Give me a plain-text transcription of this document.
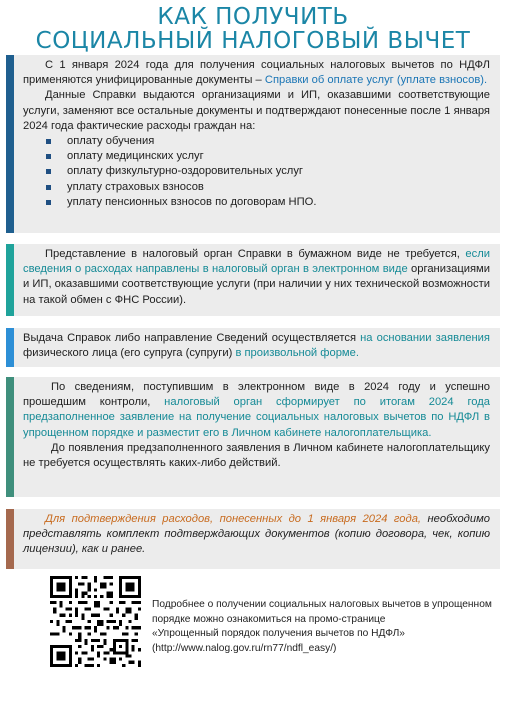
КАК ПОЛУЧИТЬ
СОЦИАЛЬНЫЙ НАЛОГОВЫЙ ВЫЧЕТ

С 1 января 2024 года для получения социальных налоговых вычетов по НДФЛ применяются унифицированные документы – Справки об оплате услуг (уплате взносов).

Данные Справки выдаются организациями и ИП, оказавшими соответствующие услуги, заменяют все остальные документы и подтверждают понесенные после 1 января 2024 года фактические расходы граждан на:

оплату обучения
оплату медицинских услуг
оплату физкультурно-оздоровительных услуг
уплату страховых взносов
уплату пенсионных взносов по договорам НПО.

Представление в налоговый орган Справки в бумажном виде не требуется, если сведения о расходах направлены в налоговый орган в электронном виде организациями и ИП, оказавшими соответствующие услуги (при наличии у них технической возможности на такой обмен с ФНС России).

Выдача Справок либо направление Сведений осуществляется на основании заявления физического лица (его супруга (супруги) в произвольной форме.

По сведениям, поступившим в электронном виде в 2024 году и успешно прошедшим контроли, налоговый орган сформирует по итогам 2024 года предзаполненное заявление на получение социальных налоговых вычетов по НДФЛ в упрощенном порядке и разместит его в Личном кабинете налогоплательщика.

До появления предзаполненного заявления в Личном кабинете налогоплательщику не требуется осуществлять каких-либо действий.

Для подтверждения расходов, понесенных до 1 января 2024 года, необходимо представлять комплект подтверждающих документов (копию договора, чек, копию лицензии), как и ранее.

Подробнее о получении социальных налоговых вычетов в упрощенном порядке можно ознакомиться на промо-странице
«Упрощенный порядок получения вычетов по НДФЛ»
(http://www.nalog.gov.ru/rn77/ndfl_easy/)
